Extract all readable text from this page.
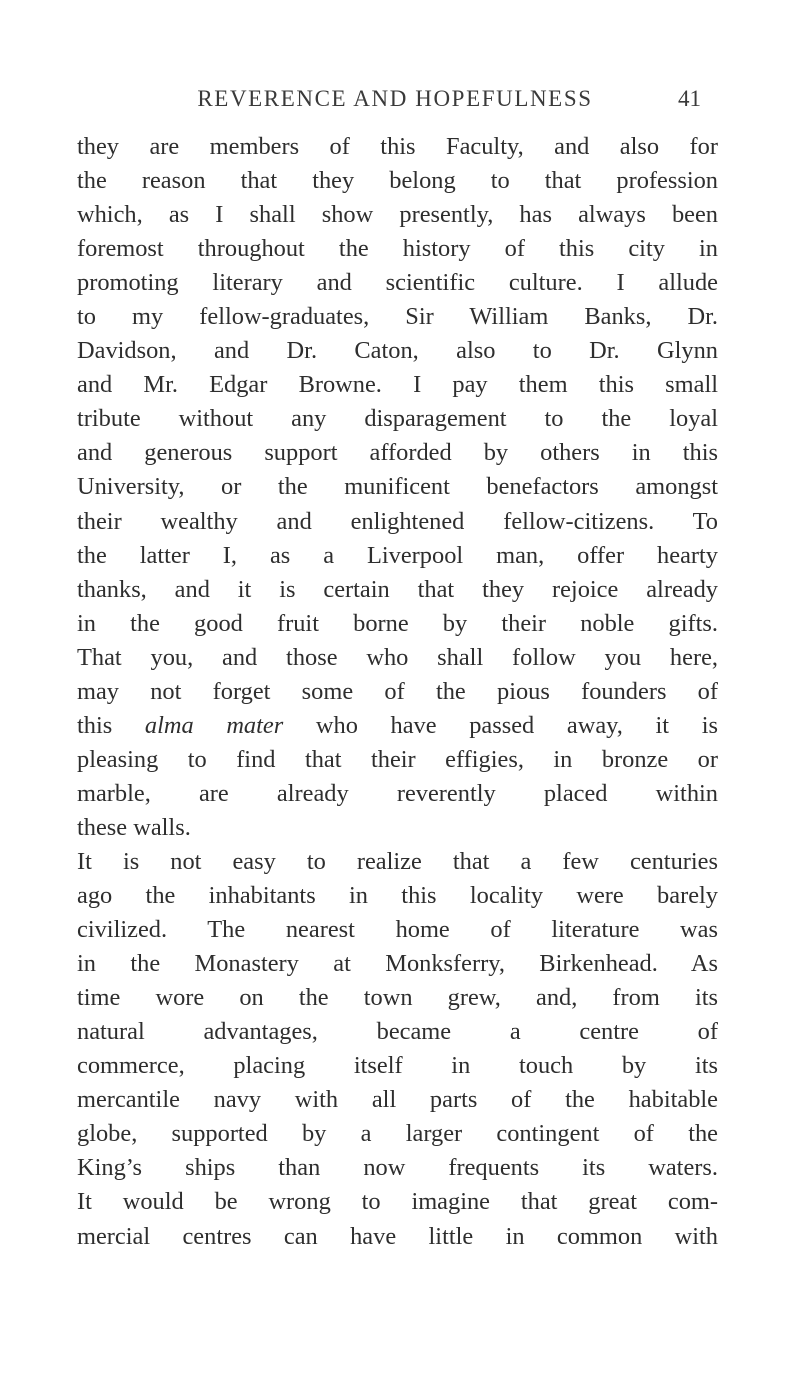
REVERENCE AND HOPEFULNESS	41
they are members of this Faculty, and also for
the reason that they belong to that profession
which, as I shall show presently, has always been
foremost throughout the history of this city in
promoting literary and scientific culture. I allude
to my fellow-graduates, Sir William Banks, Dr.
Davidson, and Dr. Caton, also to Dr. Glynn
and Mr. Edgar Browne. I pay them this small
tribute without any disparagement to the loyal
and generous support afforded by others in this
University, or the munificent benefactors amongst
their wealthy and enlightened fellow-citizens. To
the latter I, as a Liverpool man, offer hearty
thanks, and it is certain that they rejoice already
in the good fruit borne by their noble gifts.
That you, and those who shall follow you here,
may not forget some of the pious founders of
this alma mater who have passed away, it is
pleasing to find that their effigies, in bronze or
marble, are already reverently placed within
these walls.
It is not easy to realize that a few centuries
ago the inhabitants in this locality were barely
civilized. The nearest home of literature was
in the Monastery at Monksferry, Birkenhead. As
time wore on the town grew, and, from its
natural advantages, became a centre of
commerce, placing itself in touch by its
mercantile navy with all parts of the habitable
globe, supported by a larger contingent of the
King’s ships than now frequents its waters.
It would be wrong to imagine that great com-
mercial centres can have little in common with
